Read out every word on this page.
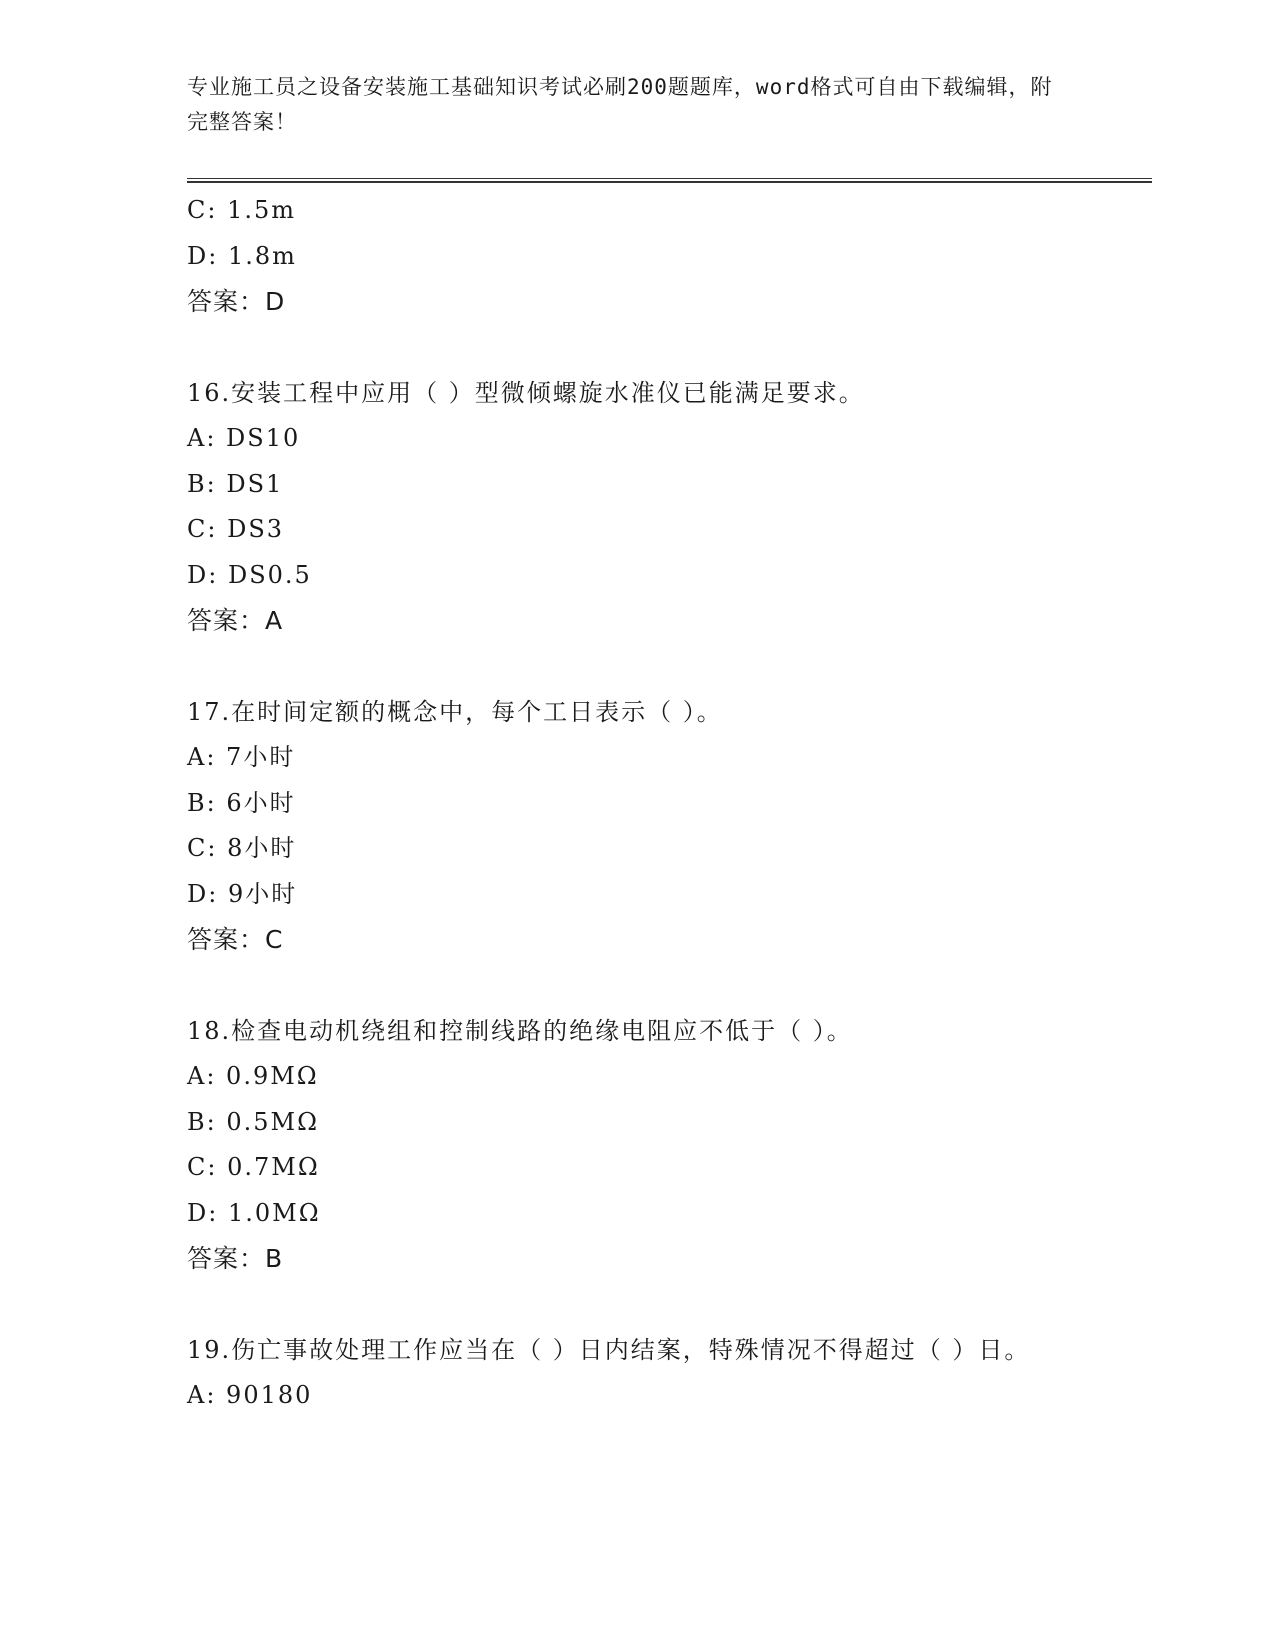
专业施工员之设备安装施工基础知识考试必刷200题题库，word格式可自由下载编辑，附完整答案！
C: 1.5m
D: 1.8m
答案：D
16.安装工程中应用（ ）型微倾螺旋水准仪已能满足要求。
A: DS10
B: DS1
C: DS3
D: DS0.5
答案：A
17.在时间定额的概念中，每个工日表示（ ）。
A: 7小时
B: 6小时
C: 8小时
D: 9小时
答案：C
18.检查电动机绕组和控制线路的绝缘电阻应不低于（ ）。
A: 0.9MΩ
B: 0.5MΩ
C: 0.7MΩ
D: 1.0MΩ
答案：B
19.伤亡事故处理工作应当在（ ）日内结案，特殊情况不得超过（ ）日。
A: 90180
